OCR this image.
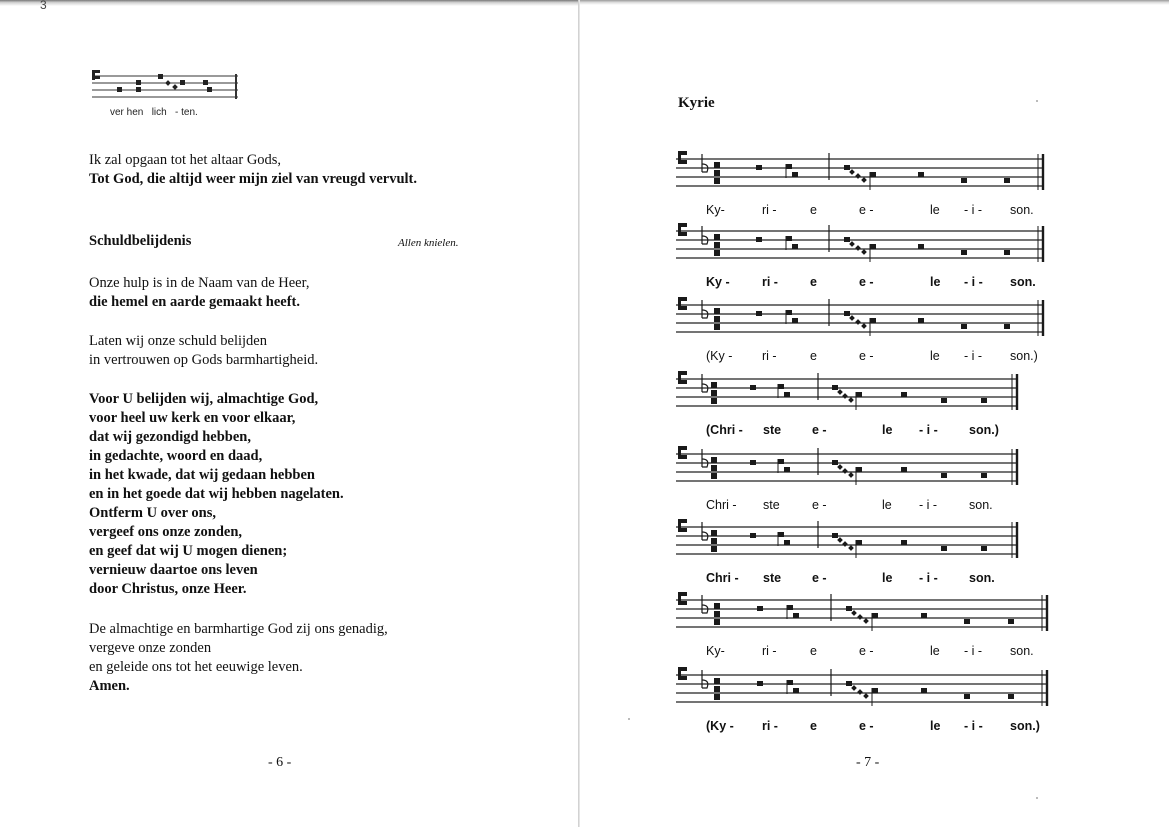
3
ver hen   lich   - ten.
Ik zal opgaan tot het altaar Gods,
Tot God, die altijd weer mijn ziel van vreugd vervult.
Schuldbelijdenis	Allen knielen.
Onze hulp is in de Naam van de Heer,
die hemel en aarde gemaakt heeft.
Laten wij onze schuld belijden
in vertrouwen op Gods barmhartigheid.
Voor U belijden wij, almachtige God,
voor heel uw kerk en voor elkaar,
dat wij gezondigd hebben,
in gedachte, woord en daad,
in het kwade, dat wij gedaan hebben
en in het goede dat wij hebben nagelaten.
Ontferm U over ons,
vergeef ons onze zonden,
en geef dat wij U mogen dienen;
vernieuw daartoe ons leven
door Christus, onze Heer.
De almachtige en barmhartige God zij ons genadig,
vergeve onze zonden
en geleide ons tot het eeuwige leven.
Amen.
- 6 -
Kyrie
Ky-	ri -	e	e -	le - i - son.
Ky -	ri -	e	e -	le - i - son.
(Ky - ri -	e	e -	le - i - son.)
(Chri - ste e -	le - i -	son.)
Chri - ste	e -	le - i -	son.
Chri - ste e -	le - i -	son.
Ky-	ri -	e	e -	le - i - son.
(Ky - ri -	e	e -	le - i - son.)
- 7 -
